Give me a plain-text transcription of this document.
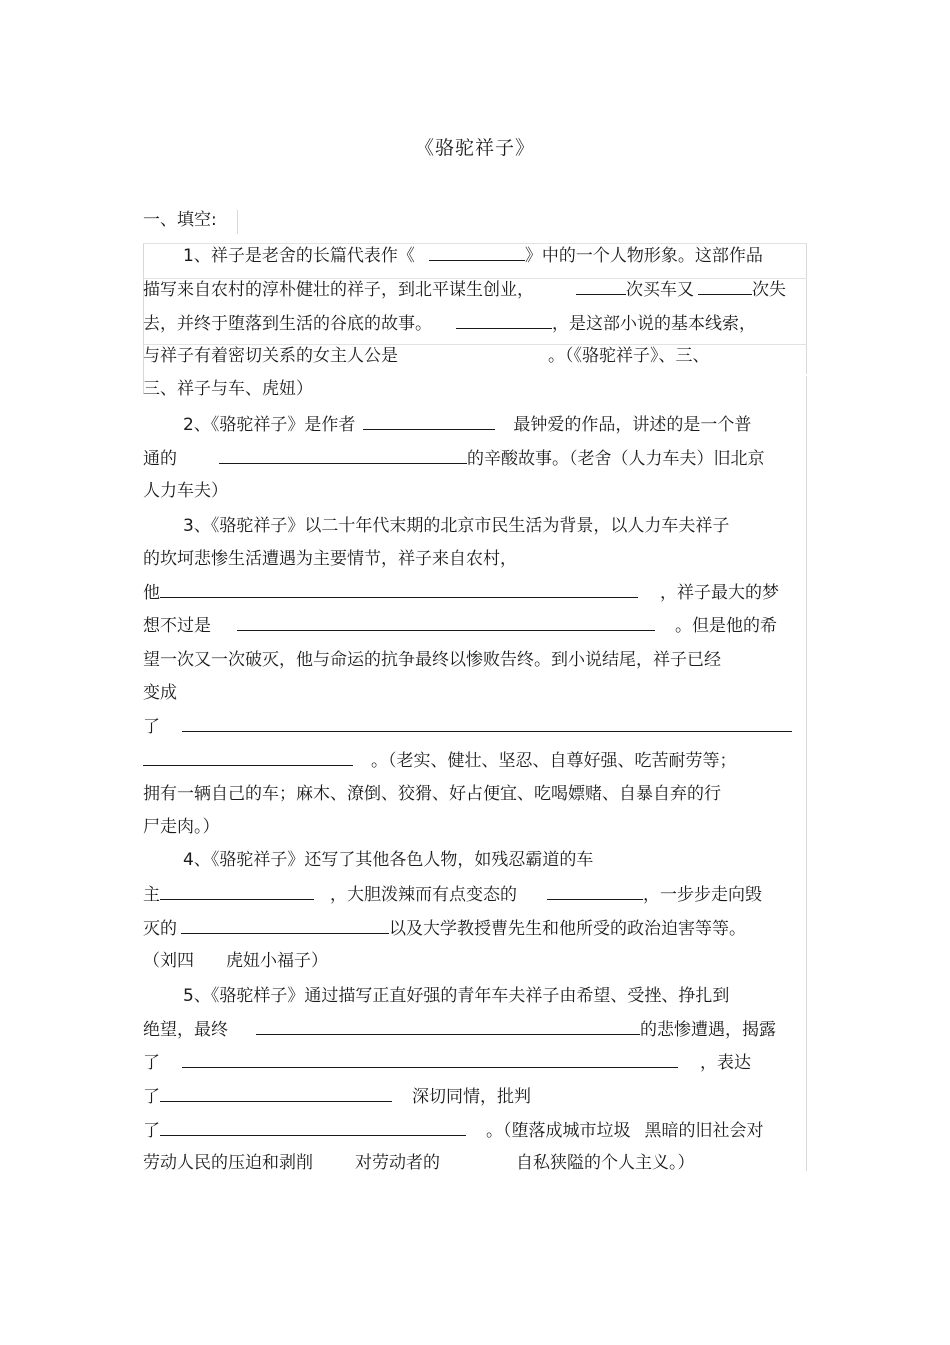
《骆驼祥子》
一、填空:
1、祥子是老舍的长篇代表作《	》中的一个人物形象。这部作品
描写来自农村的淳朴健壮的祥子，到北平谋生创业，	次买车又	次失
去，并终于堕落到生活的谷底的故事。	，是这部小说的基本线索，
与祥子有着密切关系的女主人公是	。（《骆驼祥子》、三、
三、祥子与车、虎妞）
2、《骆驼祥子》是作者	最钟爱的作品，讲述的是一个普
通的	的辛酸故事。（老舍（人力车夫）旧北京
人力车夫）
3、《骆驼祥子》以二十年代末期的北京市民生活为背景，以人力车夫祥子
的坎坷悲惨生活遭遇为主要情节，祥子来自农村，
他	，祥子最大的梦
想不过是	。但是他的希
望一次又一次破灭，他与命运的抗争最终以惨败告终。到小说结尾，祥子已经
变成
了
。（老实、健壮、坚忍、自尊好强、吃苦耐劳等；
拥有一辆自己的车；麻木、潦倒、狡猾、好占便宜、吃喝嫖赌、自暴自弃的行
尸走肉。）
4、《骆驼祥子》还写了其他各色人物，如残忍霸道的车
主	，大胆泼辣而有点变态的	，一步步走向毁
灭的	以及大学教授曹先生和他所受的政治迫害等等。
（刘四 虎妞小福子）
5、《骆驼样子》通过描写正直好强的青年车夫祥子由希望、受挫、挣扎到
绝望，最终	的悲惨遭遇，揭露
了	，表达
了	深切同情，批判
了	。（堕落成城市垃圾 黑暗的旧社会对
劳动人民的压迫和剥削 对劳动者的	自私狭隘的个人主义。）
